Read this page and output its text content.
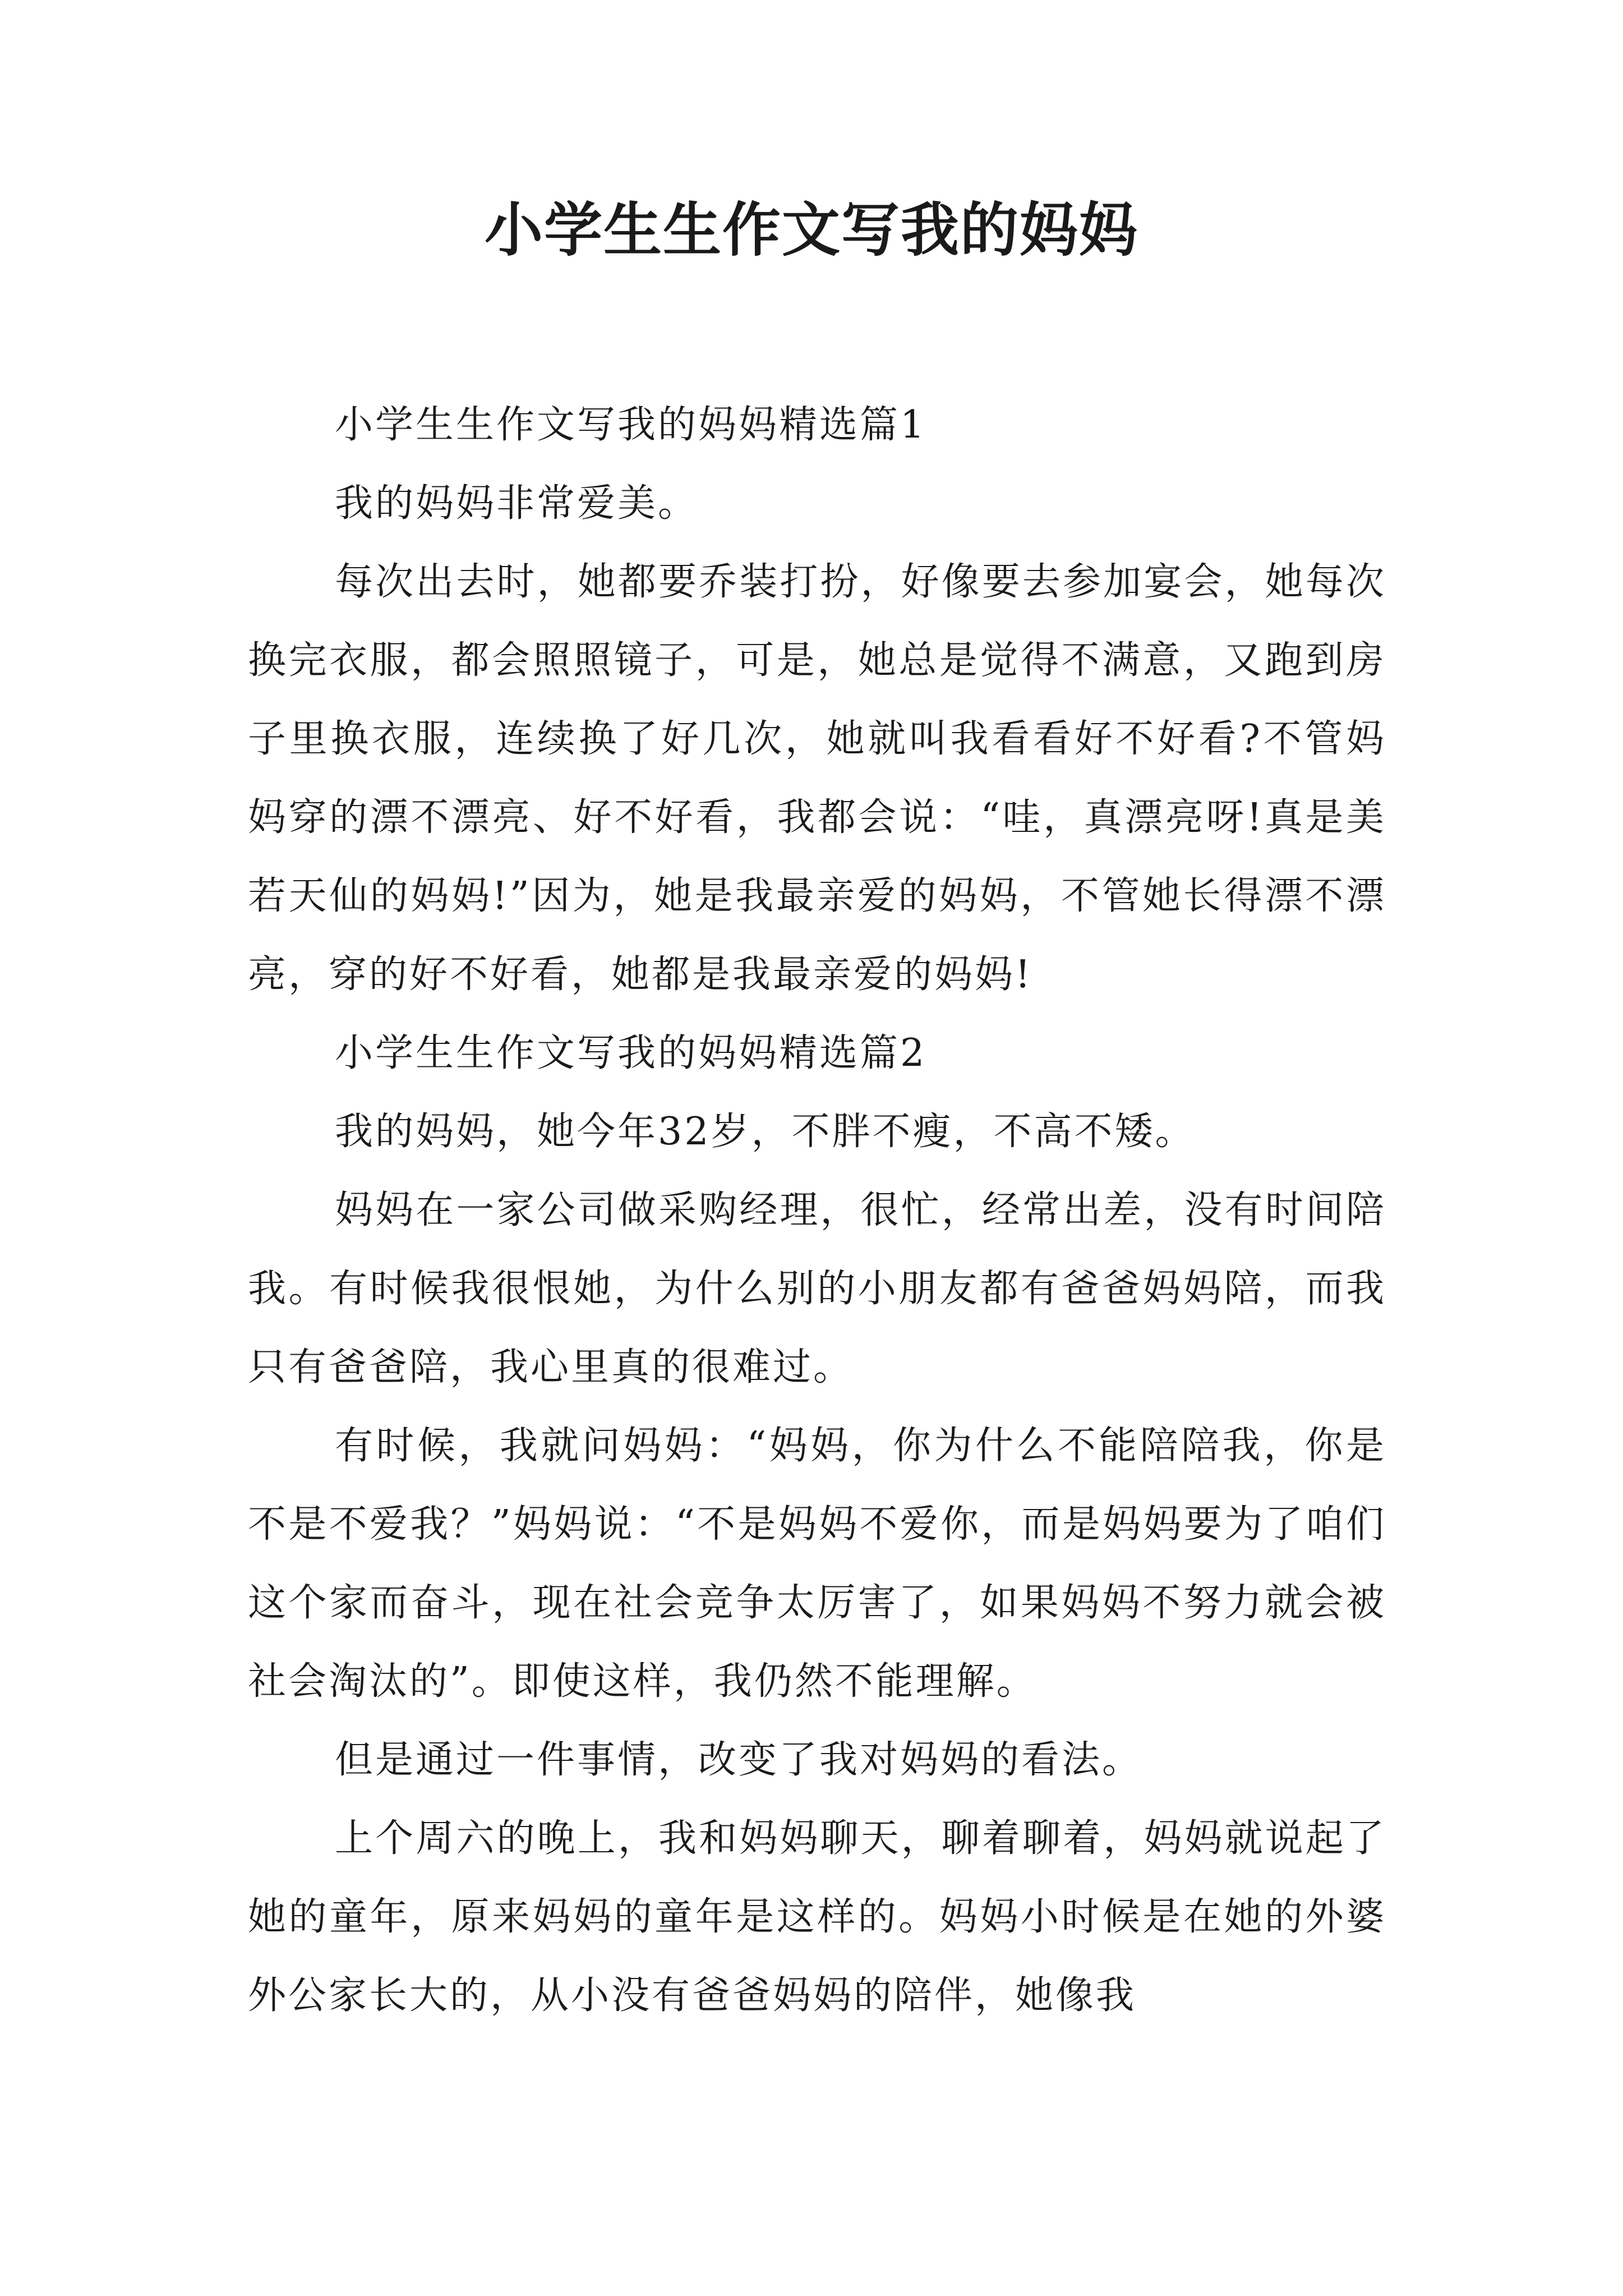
小学生生作文写我的妈妈

小学生生作文写我的妈妈精选篇1

我的妈妈非常爱美。

每次出去时，她都要乔装打扮，好像要去参加宴会，她每次换完衣服，都会照照镜子，可是，她总是觉得不满意，又跑到房子里换衣服，连续换了好几次，她就叫我看看好不好看?不管妈妈穿的漂不漂亮、好不好看，我都会说：“哇，真漂亮呀!真是美若天仙的妈妈!”因为，她是我最亲爱的妈妈，不管她长得漂不漂亮，穿的好不好看，她都是我最亲爱的妈妈!

小学生生作文写我的妈妈精选篇2

我的妈妈，她今年32岁，不胖不瘦，不高不矮。

妈妈在一家公司做采购经理，很忙，经常出差，没有时间陪我。有时候我很恨她，为什么别的小朋友都有爸爸妈妈陪，而我只有爸爸陪，我心里真的很难过。

有时候，我就问妈妈：“妈妈，你为什么不能陪陪我，你是不是不爱我？”妈妈说：“不是妈妈不爱你，而是妈妈要为了咱们这个家而奋斗，现在社会竞争太厉害了，如果妈妈不努力就会被社会淘汰的”。即使这样，我仍然不能理解。

但是通过一件事情，改变了我对妈妈的看法。

上个周六的晚上，我和妈妈聊天，聊着聊着，妈妈就说起了她的童年，原来妈妈的童年是这样的。妈妈小时候是在她的外婆外公家长大的，从小没有爸爸妈妈的陪伴，她像我
